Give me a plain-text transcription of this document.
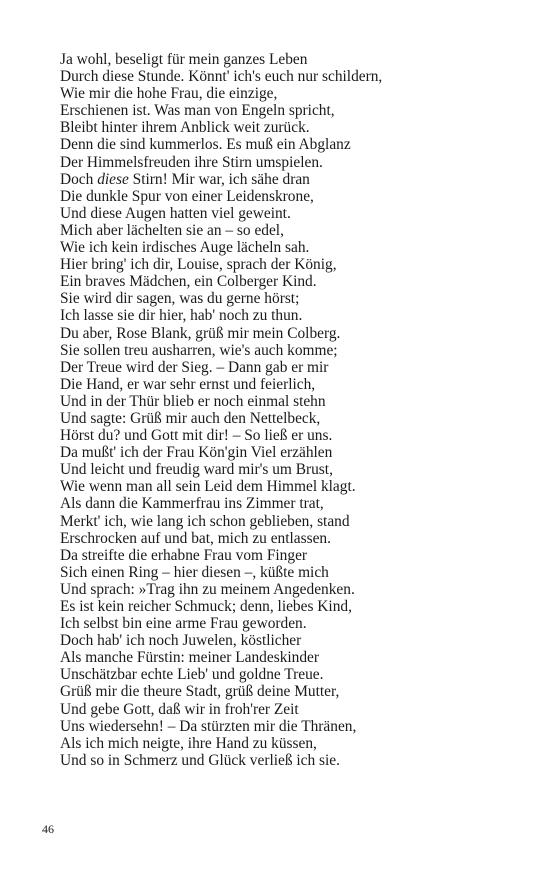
Ja wohl, beseligt für mein ganzes Leben
Durch diese Stunde. Könnt' ich's euch nur schildern,
Wie mir die hohe Frau, die einzige,
Erschienen ist. Was man von Engeln spricht,
Bleibt hinter ihrem Anblick weit zurück.
Denn die sind kummerlos. Es muß ein Abglanz
Der Himmelsfreuden ihre Stirn umspielen.
Doch diese Stirn! Mir war, ich sähe dran
Die dunkle Spur von einer Leidenskrone,
Und diese Augen hatten viel geweint.
Mich aber lächelten sie an – so edel,
Wie ich kein irdisches Auge lächeln sah.
Hier bring' ich dir, Louise, sprach der König,
Ein braves Mädchen, ein Colberger Kind.
Sie wird dir sagen, was du gerne hörst;
Ich lasse sie dir hier, hab' noch zu thun.
Du aber, Rose Blank, grüß mir mein Colberg.
Sie sollen treu ausharren, wie's auch komme;
Der Treue wird der Sieg. – Dann gab er mir
Die Hand, er war sehr ernst und feierlich,
Und in der Thür blieb er noch einmal stehn
Und sagte: Grüß mir auch den Nettelbeck,
Hörst du? und Gott mit dir! – So ließ er uns.
Da mußt' ich der Frau Kön'gin Viel erzählen
Und leicht und freudig ward mir's um Brust,
Wie wenn man all sein Leid dem Himmel klagt.
Als dann die Kammerfrau ins Zimmer trat,
Merkt' ich, wie lang ich schon geblieben, stand
Erschrocken auf und bat, mich zu entlassen.
Da streifte die erhabne Frau vom Finger
Sich einen Ring – hier diesen –, küßte mich
Und sprach: »Trag ihn zu meinem Angedenken.
Es ist kein reicher Schmuck; denn, liebes Kind,
Ich selbst bin eine arme Frau geworden.
Doch hab' ich noch Juwelen, köstlicher
Als manche Fürstin: meiner Landeskinder
Unschätzbar echte Lieb' und goldne Treue.
Grüß mir die theure Stadt, grüß deine Mutter,
Und gebe Gott, daß wir in froh'rer Zeit
Uns wiedersehn! – Da stürzten mir die Thränen,
Als ich mich neigte, ihre Hand zu küssen,
Und so in Schmerz und Glück verließ ich sie.
46
